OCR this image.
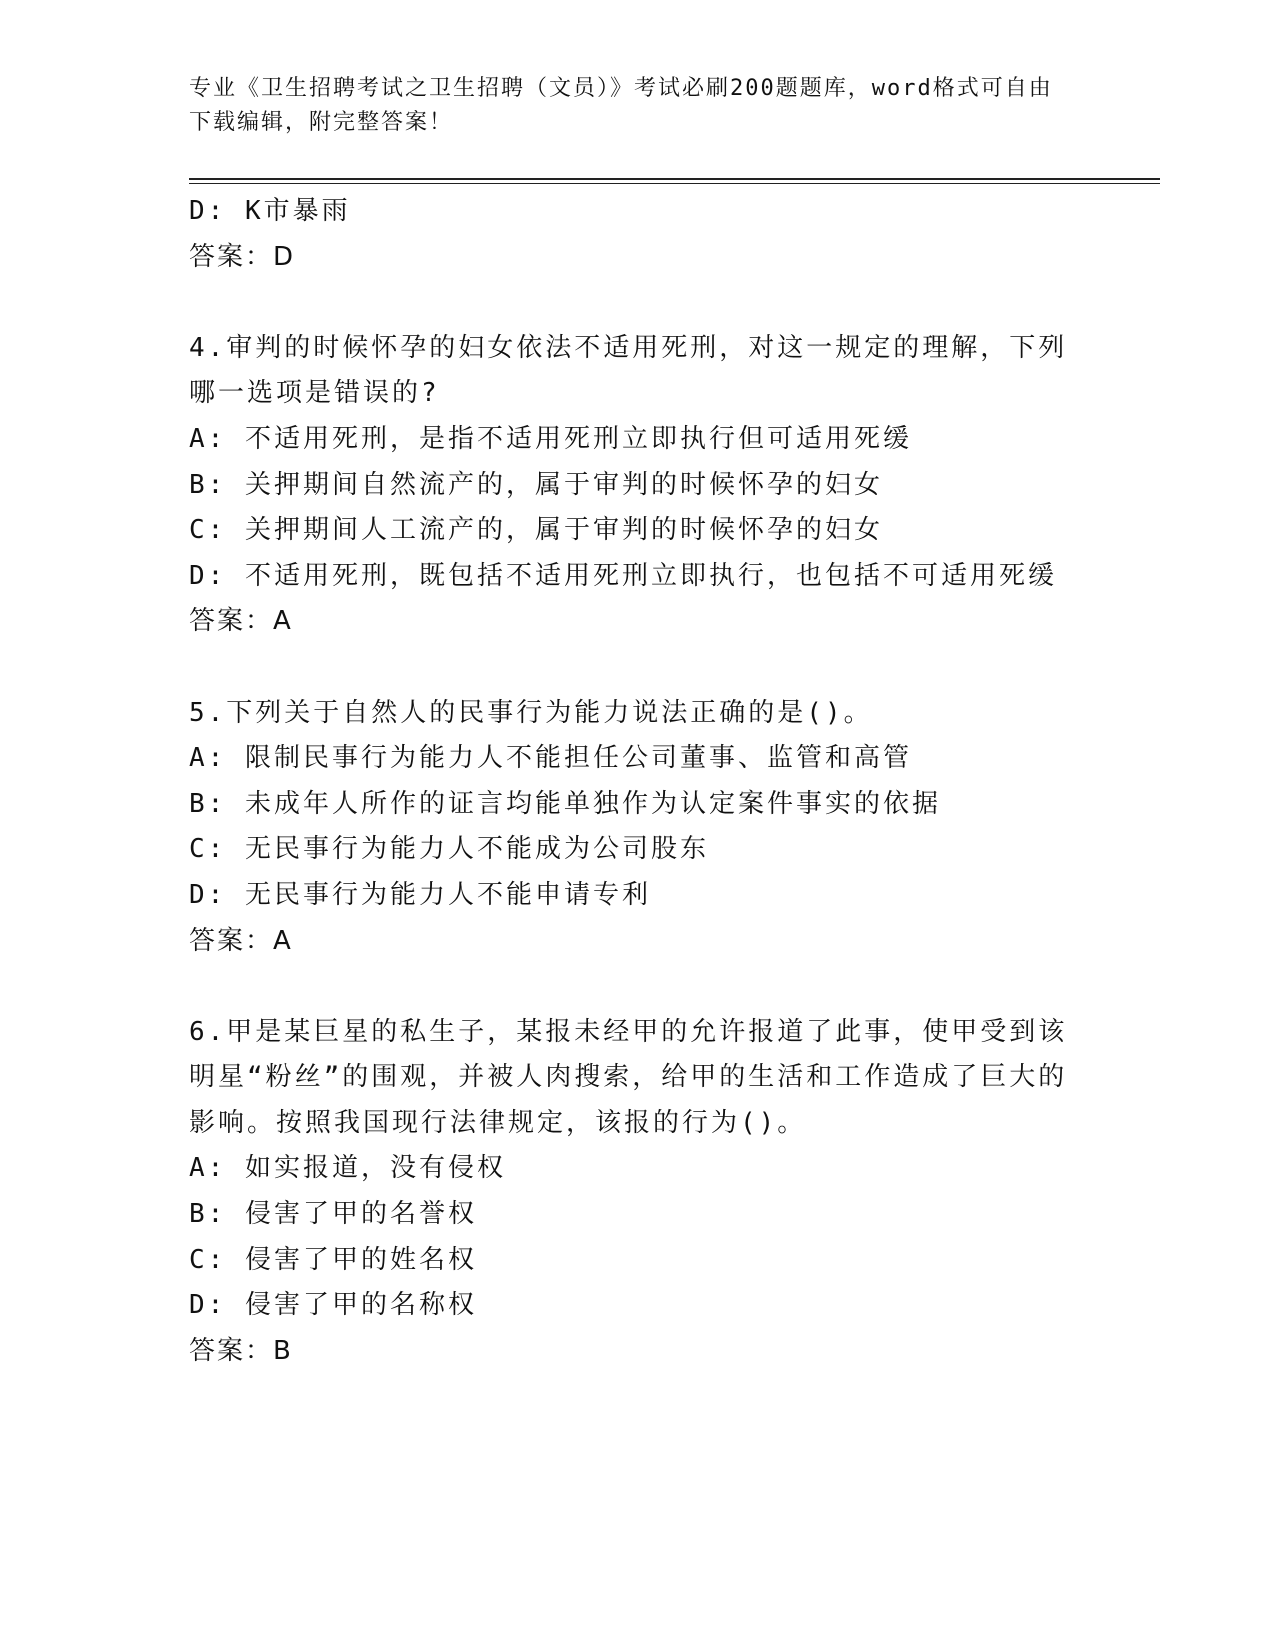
专业《卫生招聘考试之卫生招聘（文员）》考试必刷200题题库，word格式可自由下载编辑，附完整答案！
D: K市暴雨
答案：D
4.审判的时候怀孕的妇女依法不适用死刑，对这一规定的理解，下列哪一选项是错误的?
A: 不适用死刑，是指不适用死刑立即执行但可适用死缓
B: 关押期间自然流产的，属于审判的时候怀孕的妇女
C: 关押期间人工流产的，属于审判的时候怀孕的妇女
D: 不适用死刑，既包括不适用死刑立即执行，也包括不可适用死缓
答案：A
5.下列关于自然人的民事行为能力说法正确的是()。
A: 限制民事行为能力人不能担任公司董事、监管和高管
B: 未成年人所作的证言均能单独作为认定案件事实的依据
C: 无民事行为能力人不能成为公司股东
D: 无民事行为能力人不能申请专利
答案：A
6.甲是某巨星的私生子，某报未经甲的允许报道了此事，使甲受到该明星“粉丝”的围观，并被人肉搜索，给甲的生活和工作造成了巨大的影响。按照我国现行法律规定，该报的行为()。
A: 如实报道，没有侵权
B: 侵害了甲的名誉权
C: 侵害了甲的姓名权
D: 侵害了甲的名称权
答案：B
